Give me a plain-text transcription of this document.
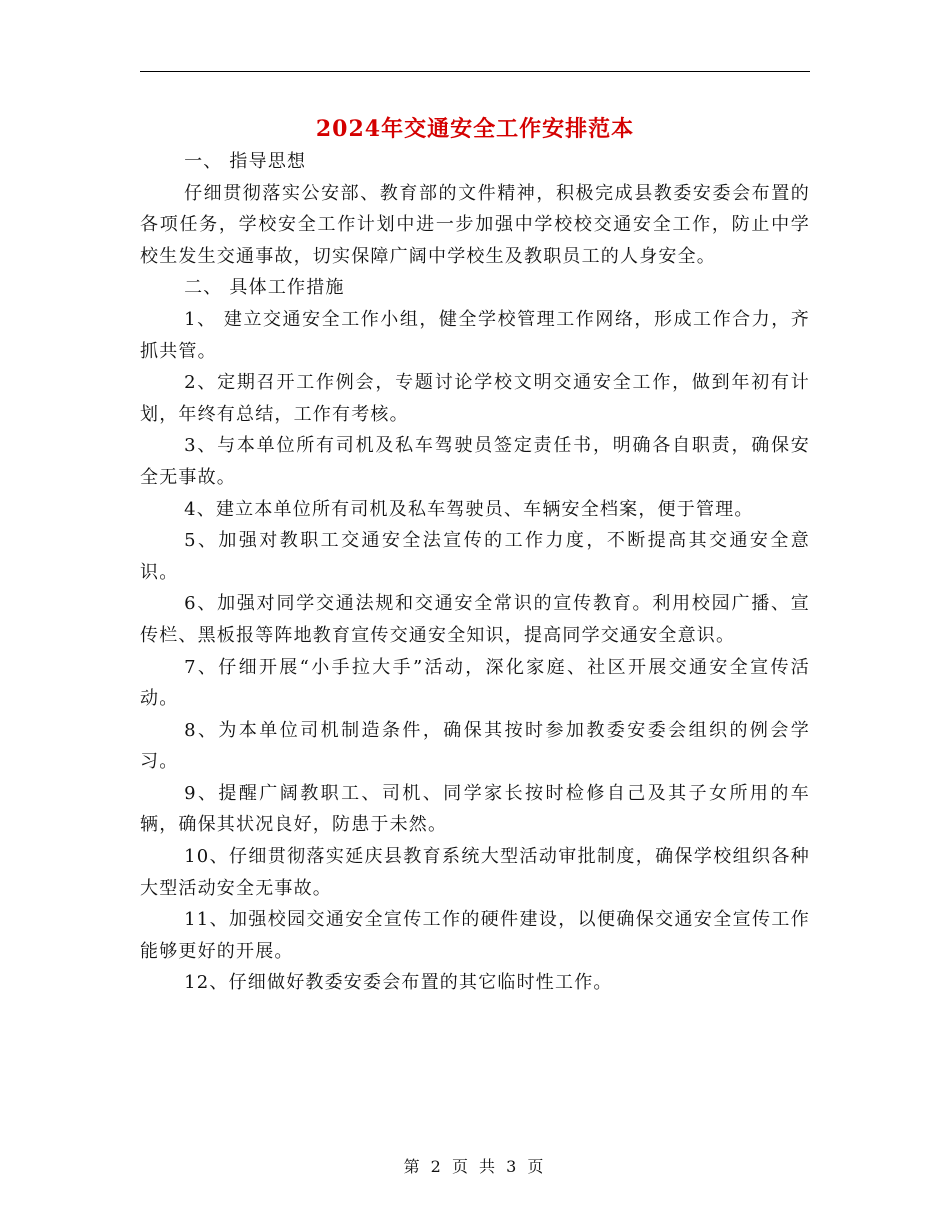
2024年交通安全工作安排范本

一、 指导思想

仔细贯彻落实公安部、教育部的文件精神，积极完成县教委安委会布置的各项任务，学校安全工作计划中进一步加强中学校校交通安全工作，防止中学校生发生交通事故，切实保障广阔中学校生及教职员工的人身安全。

二、 具体工作措施

1、 建立交通安全工作小组，健全学校管理工作网络，形成工作合力，齐抓共管。

2、定期召开工作例会，专题讨论学校文明交通安全工作，做到年初有计划，年终有总结，工作有考核。

3、与本单位所有司机及私车驾驶员签定责任书，明确各自职责，确保安全无事故。

4、建立本单位所有司机及私车驾驶员、车辆安全档案，便于管理。

5、加强对教职工交通安全法宣传的工作力度，不断提高其交通安全意识。

6、加强对同学交通法规和交通安全常识的宣传教育。利用校园广播、宣传栏、黑板报等阵地教育宣传交通安全知识，提高同学交通安全意识。

7、仔细开展“小手拉大手”活动，深化家庭、社区开展交通安全宣传活动。

8、为本单位司机制造条件，确保其按时参加教委安委会组织的例会学习。

9、提醒广阔教职工、司机、同学家长按时检修自己及其子女所用的车辆，确保其状况良好，防患于未然。

10、仔细贯彻落实延庆县教育系统大型活动审批制度，确保学校组织各种大型活动安全无事故。

11、加强校园交通安全宣传工作的硬件建设，以便确保交通安全宣传工作能够更好的开展。

12、仔细做好教委安委会布置的其它临时性工作。

第 2 页 共 3 页
